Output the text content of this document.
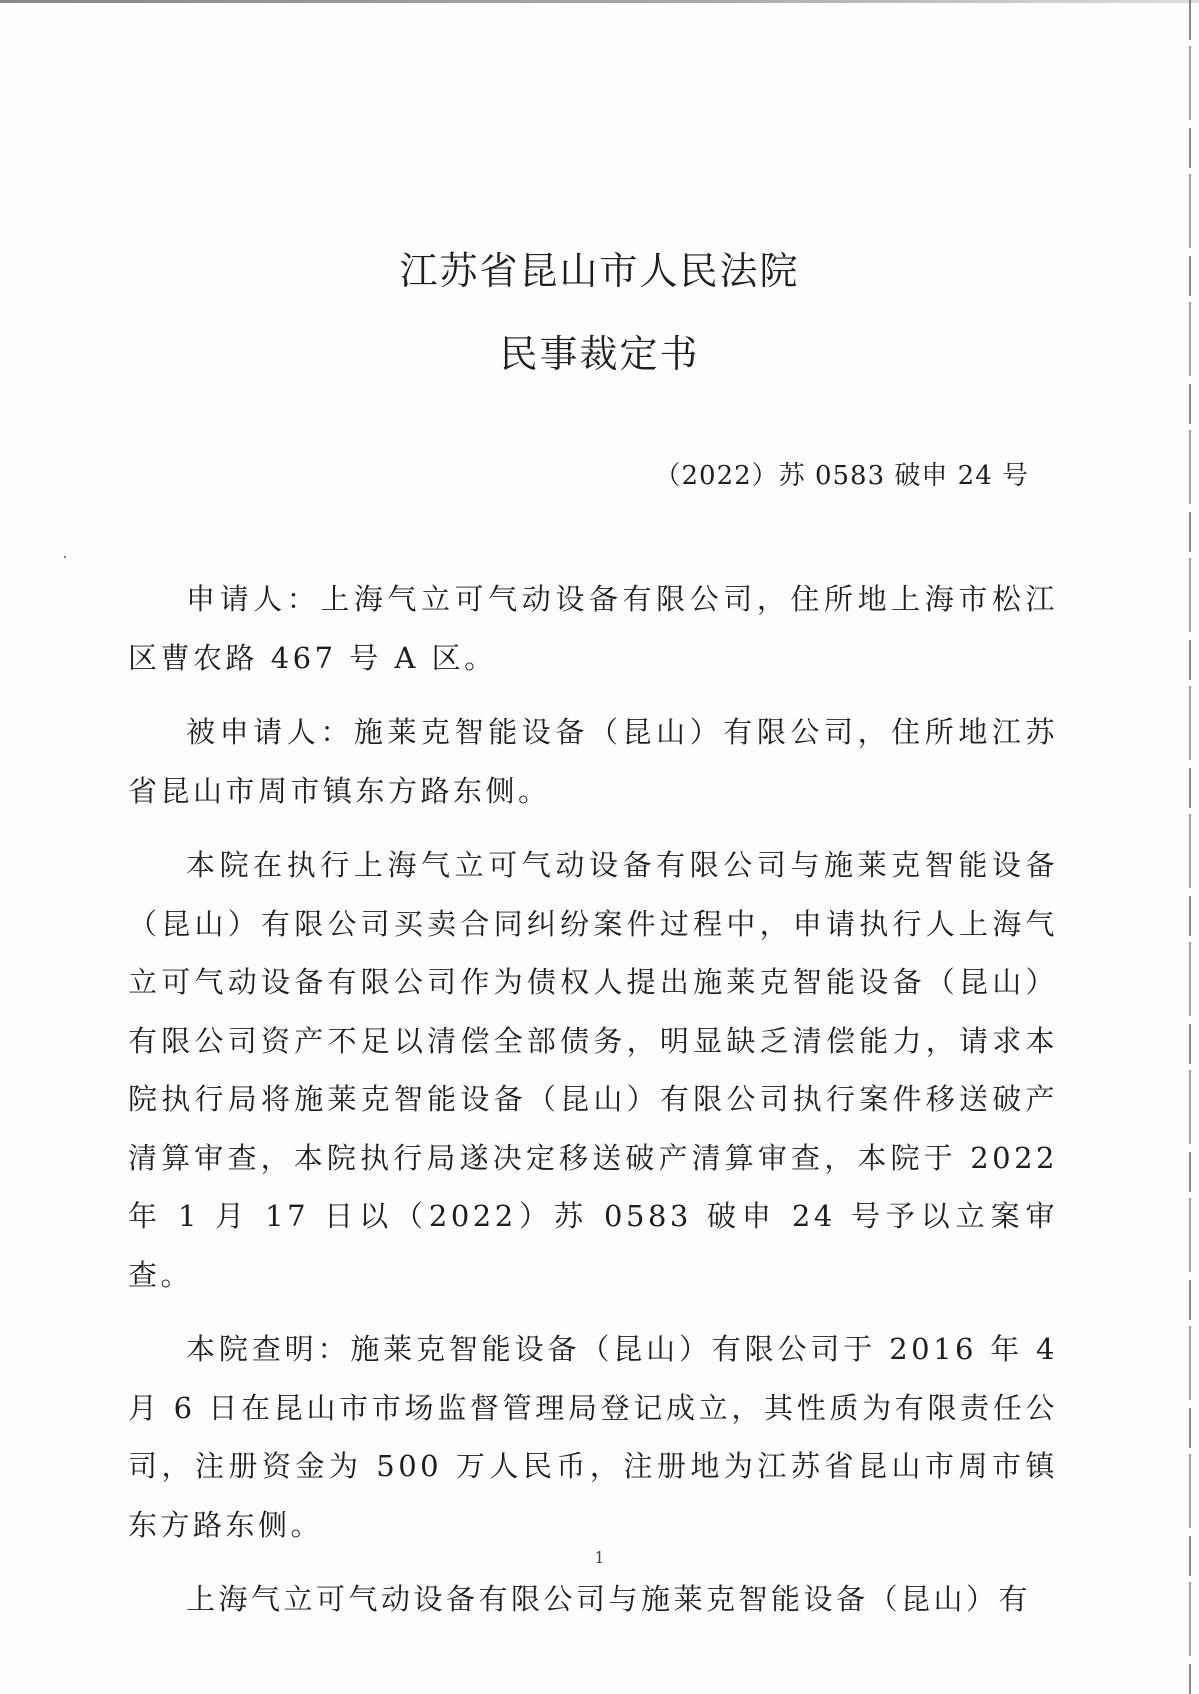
江苏省昆山市人民法院
民事裁定书
（2022）苏 0583 破申 24 号

申请人：上海气立可气动设备有限公司，住所地上海市松江区曹农路 467 号 A 区。

被申请人：施莱克智能设备（昆山）有限公司，住所地江苏省昆山市周市镇东方路东侧。

本院在执行上海气立可气动设备有限公司与施莱克智能设备（昆山）有限公司买卖合同纠纷案件过程中，申请执行人上海气立可气动设备有限公司作为债权人提出施莱克智能设备（昆山）有限公司资产不足以清偿全部债务，明显缺乏清偿能力，请求本院执行局将施莱克智能设备（昆山）有限公司执行案件移送破产清算审查，本院执行局遂决定移送破产清算审查，本院于 2022 年 1 月 17 日以（2022）苏 0583 破申 24 号予以立案审查。

本院查明：施莱克智能设备（昆山）有限公司于 2016 年 4 月 6 日在昆山市市场监督管理局登记成立，其性质为有限责任公司，注册资金为 500 万人民币，注册地为江苏省昆山市周市镇东方路东侧。

上海气立可气动设备有限公司与施莱克智能设备（昆山）有

1
